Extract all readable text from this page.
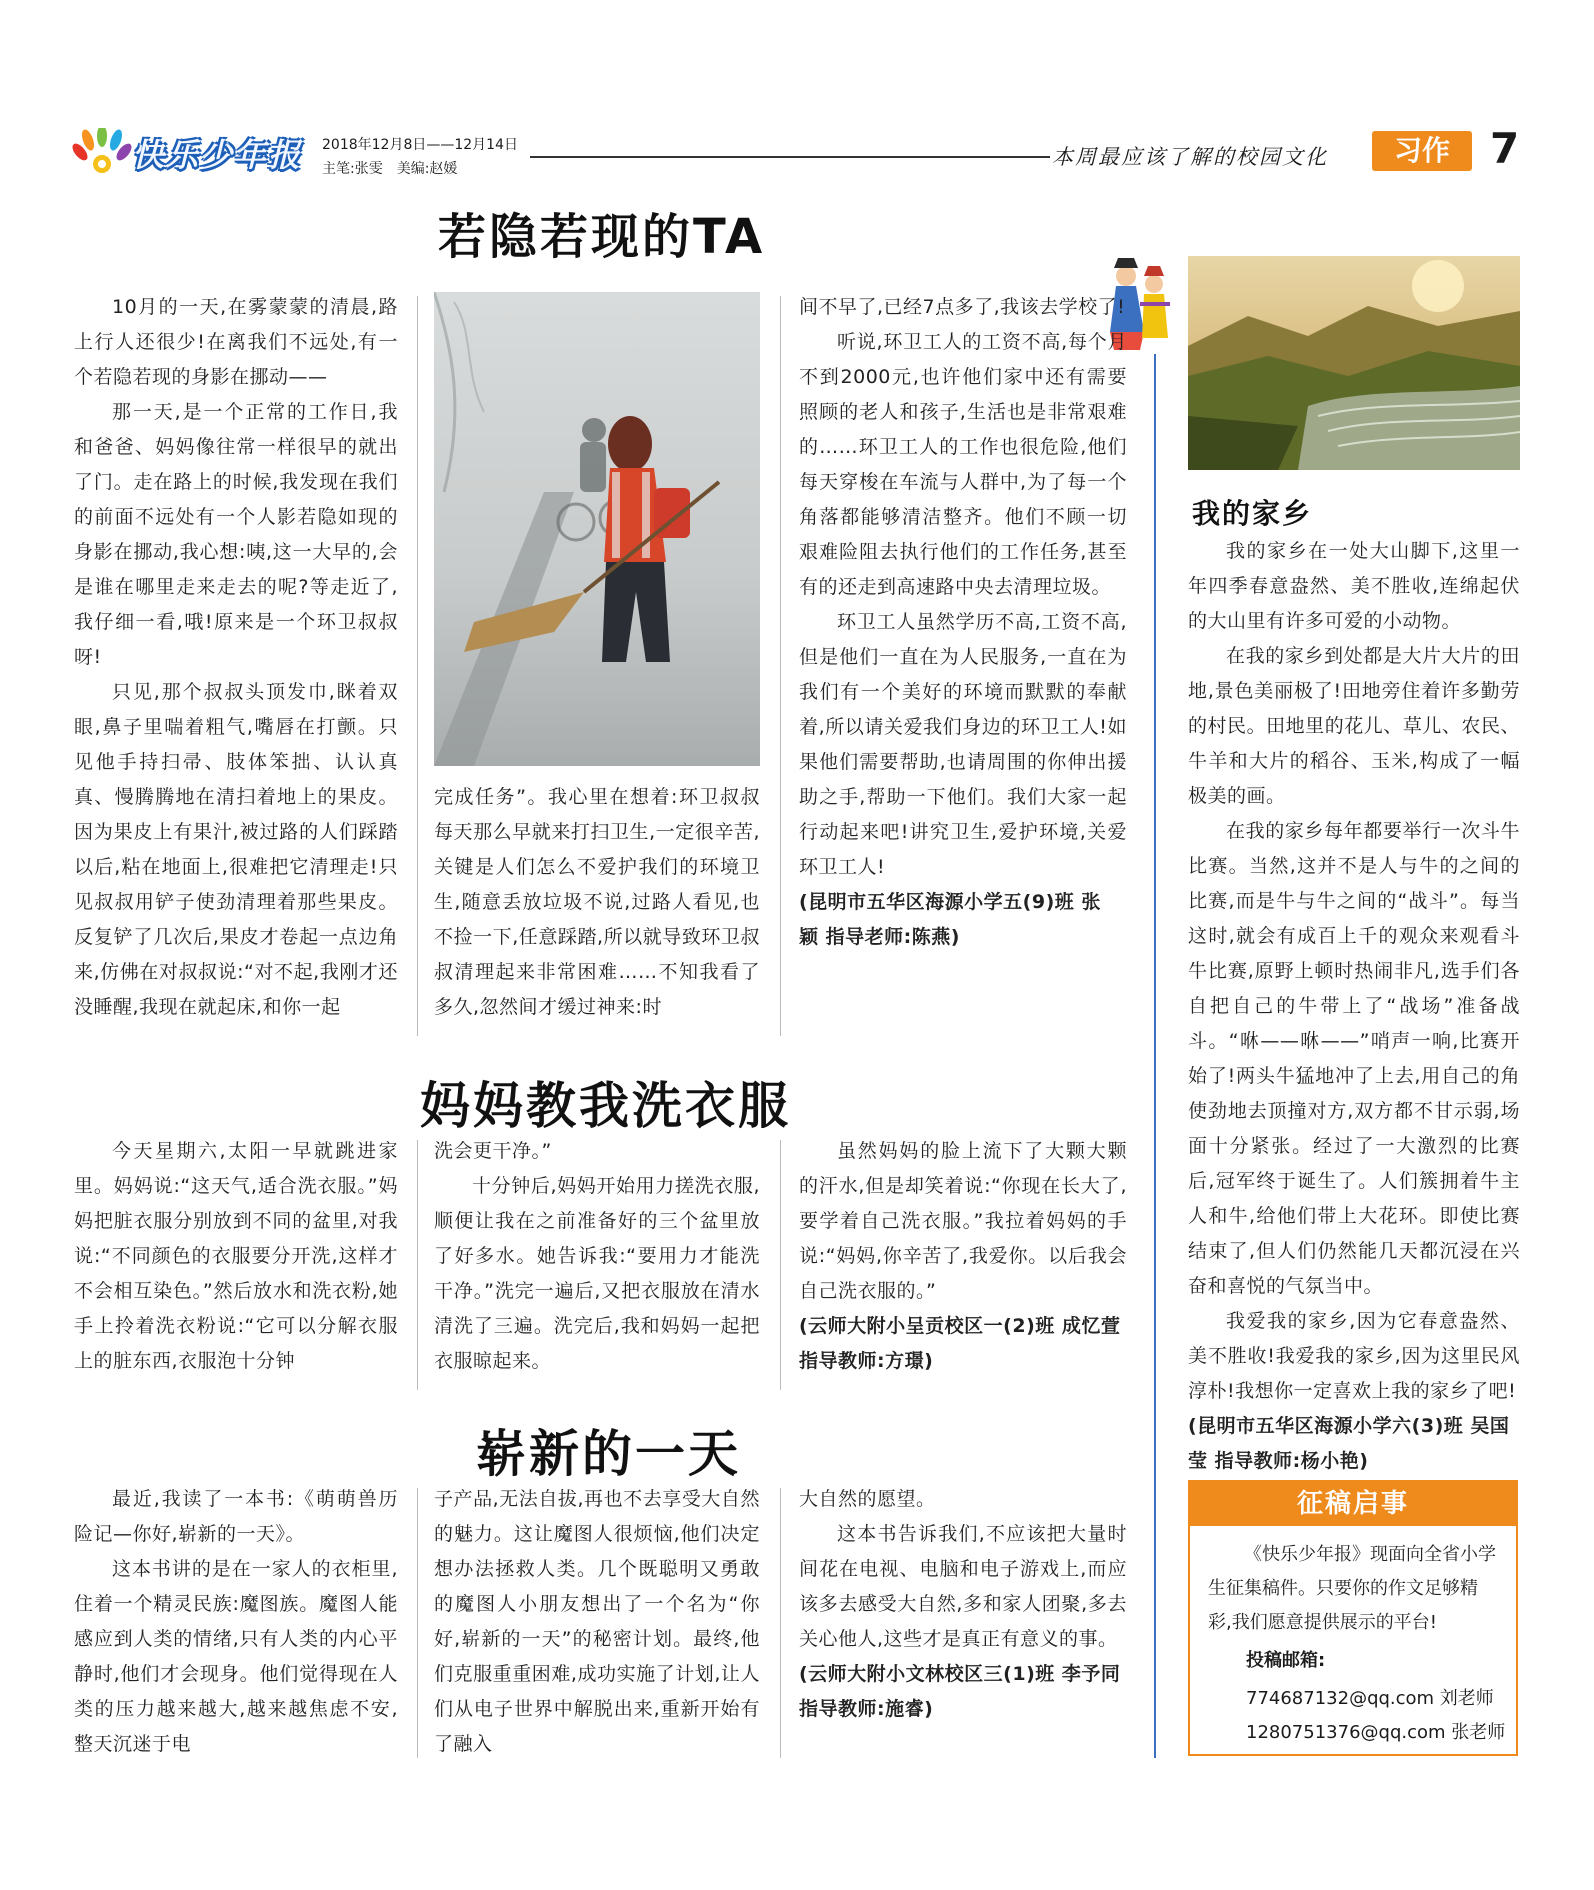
快乐少年报 2018年12月8日——12月14日
主笔:张雯　美编:赵媛	本周最应该了解的校园文化	习作 7
若隐若现的TA

10月的一天,在雾蒙蒙的清晨,路上行人还很少!在离我们不远处,有一个若隐若现的身影在挪动——

那一天,是一个正常的工作日,我和爸爸、妈妈像往常一样很早的就出了门。走在路上的时候,我发现在我们的前面不远处有一个人影若隐如现的身影在挪动,我心想:咦,这一大早的,会是谁在哪里走来走去的呢?等走近了,我仔细一看,哦!原来是一个环卫叔叔呀!

只见,那个叔叔头顶发巾,眯着双眼,鼻子里喘着粗气,嘴唇在打颤。只见他手持扫帚、肢体笨拙、认认真真、慢腾腾地在清扫着地上的果皮。因为果皮上有果汁,被过路的人们踩踏以后,粘在地面上,很难把它清理走!只见叔叔用铲子使劲清理着那些果皮。反复铲了几次后,果皮才卷起一点边角来,仿佛在对叔叔说:“对不起,我刚才还没睡醒,我现在就起床,和你一起

完成任务”。我心里在想着:环卫叔叔每天那么早就来打扫卫生,一定很辛苦,关键是人们怎么不爱护我们的环境卫生,随意丢放垃圾不说,过路人看见,也不捡一下,任意踩踏,所以就导致环卫叔叔清理起来非常困难……不知我看了多久,忽然间才缓过神来:时

间不早了,已经7点多了,我该去学校了!

听说,环卫工人的工资不高,每个月不到2000元,也许他们家中还有需要照顾的老人和孩子,生活也是非常艰难的……环卫工人的工作也很危险,他们每天穿梭在车流与人群中,为了每一个角落都能够清洁整齐。他们不顾一切艰难险阻去执行他们的工作任务,甚至有的还走到高速路中央去清理垃圾。

环卫工人虽然学历不高,工资不高,但是他们一直在为人民服务,一直在为我们有一个美好的环境而默默的奉献着,所以请关爱我们身边的环卫工人!如果他们需要帮助,也请周围的你伸出援助之手,帮助一下他们。我们大家一起行动起来吧!讲究卫生,爱护环境,关爱环卫工人!

(昆明市五华区海源小学五(9)班 张 颖 指导老师:陈燕)

妈妈教我洗衣服

今天星期六,太阳一早就跳进家里。妈妈说:“这天气,适合洗衣服。”妈妈把脏衣服分别放到不同的盆里,对我说:“不同颜色的衣服要分开洗,这样才不会相互染色。”然后放水和洗衣粉,她手上拎着洗衣粉说:“它可以分解衣服上的脏东西,衣服泡十分钟

洗会更干净。”

十分钟后,妈妈开始用力搓洗衣服,顺便让我在之前准备好的三个盆里放了好多水。她告诉我:“要用力才能洗干净。”洗完一遍后,又把衣服放在清水清洗了三遍。洗完后,我和妈妈一起把衣服晾起来。

虽然妈妈的脸上流下了大颗大颗的汗水,但是却笑着说:“你现在长大了,要学着自己洗衣服。”我拉着妈妈的手说:“妈妈,你辛苦了,我爱你。以后我会自己洗衣服的。”

(云师大附小呈贡校区一(2)班 成忆萱　指导教师:方璟)

崭新的一天

最近,我读了一本书:《萌萌兽历险记—你好,崭新的一天》。

这本书讲的是在一家人的衣柜里,住着一个精灵民族:魔图族。魔图人能感应到人类的情绪,只有人类的内心平静时,他们才会现身。他们觉得现在人类的压力越来越大,越来越焦虑不安,整天沉迷于电

子产品,无法自拔,再也不去享受大自然的魅力。这让魔图人很烦恼,他们决定想办法拯救人类。几个既聪明又勇敢的魔图人小朋友想出了一个名为“你好,崭新的一天”的秘密计划。最终,他们克服重重困难,成功实施了计划,让人们从电子世界中解脱出来,重新开始有了融入

大自然的愿望。

这本书告诉我们,不应该把大量时间花在电视、电脑和电子游戏上,而应该多去感受大自然,多和家人团聚,多去关心他人,这些才是真正有意义的事。

(云师大附小文林校区三(1)班 李予同 指导教师:施睿)

我的家乡

我的家乡在一处大山脚下,这里一年四季春意盎然、美不胜收,连绵起伏的大山里有许多可爱的小动物。

在我的家乡到处都是大片大片的田地,景色美丽极了!田地旁住着许多勤劳的村民。田地里的花儿、草儿、农民、牛羊和大片的稻谷、玉米,构成了一幅极美的画。

在我的家乡每年都要举行一次斗牛比赛。当然,这并不是人与牛的之间的比赛,而是牛与牛之间的“战斗”。每当这时,就会有成百上千的观众来观看斗牛比赛,原野上顿时热闹非凡,选手们各自把自己的牛带上了“战场”准备战斗。“咻——咻——”哨声一响,比赛开始了!两头牛猛地冲了上去,用自己的角使劲地去顶撞对方,双方都不甘示弱,场面十分紧张。经过了一大激烈的比赛后,冠军终于诞生了。人们簇拥着牛主人和牛,给他们带上大花环。即使比赛结束了,但人们仍然能几天都沉浸在兴奋和喜悦的气氛当中。

我爱我的家乡,因为它春意盎然、美不胜收!我爱我的家乡,因为这里民风淳朴!我想你一定喜欢上我的家乡了吧!

(昆明市五华区海源小学六(3)班 吴国莹 指导教师:杨小艳)

征稿启事

《快乐少年报》现面向全省小学生征集稿件。只要你的作文足够精彩,我们愿意提供展示的平台!

投稿邮箱:
774687132@qq.com 刘老师
1280751376@qq.com 张老师
